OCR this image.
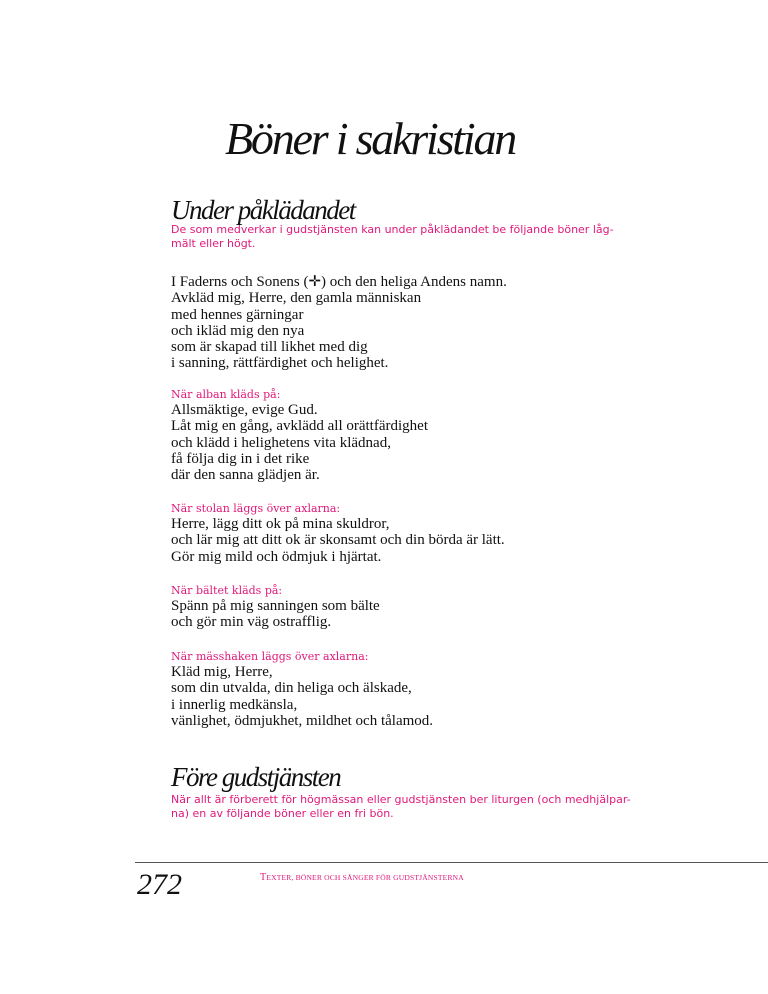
Böner i sakristian
Under påklädandet
De som medverkar i gudstjänsten kan under påklädandet be följande böner låg-
mält eller högt.
I Faderns och Sonens (✛) och den heliga Andens namn.
Avkläd mig, Herre, den gamla människan
med hennes gärningar
och ikläd mig den nya
som är skapad till likhet med dig
i sanning, rättfärdighet och helighet.
När alban kläds på:
Allsmäktige, evige Gud.
Låt mig en gång, avklädd all orättfärdighet
och klädd i helighetens vita klädnad,
få följa dig in i det rike
där den sanna glädjen är.
När stolan läggs över axlarna:
Herre, lägg ditt ok på mina skuldror,
och lär mig att ditt ok är skonsamt och din börda är lätt.
Gör mig mild och ödmjuk i hjärtat.
När bältet kläds på:
Spänn på mig sanningen som bälte
och gör min väg ostrafflig.
När mässhaken läggs över axlarna:
Kläd mig, Herre,
som din utvalda, din heliga och älskade,
i innerlig medkänsla,
vänlighet, ödmjukhet, mildhet och tålamod.
Före gudstjänsten
När allt är förberett för högmässan eller gudstjänsten ber liturgen (och medhjälpar-
na) en av följande böner eller en fri bön.
272	TEXTER, BÖNER OCH SÅNGER FÖR GUDSTJÄNSTERNA
